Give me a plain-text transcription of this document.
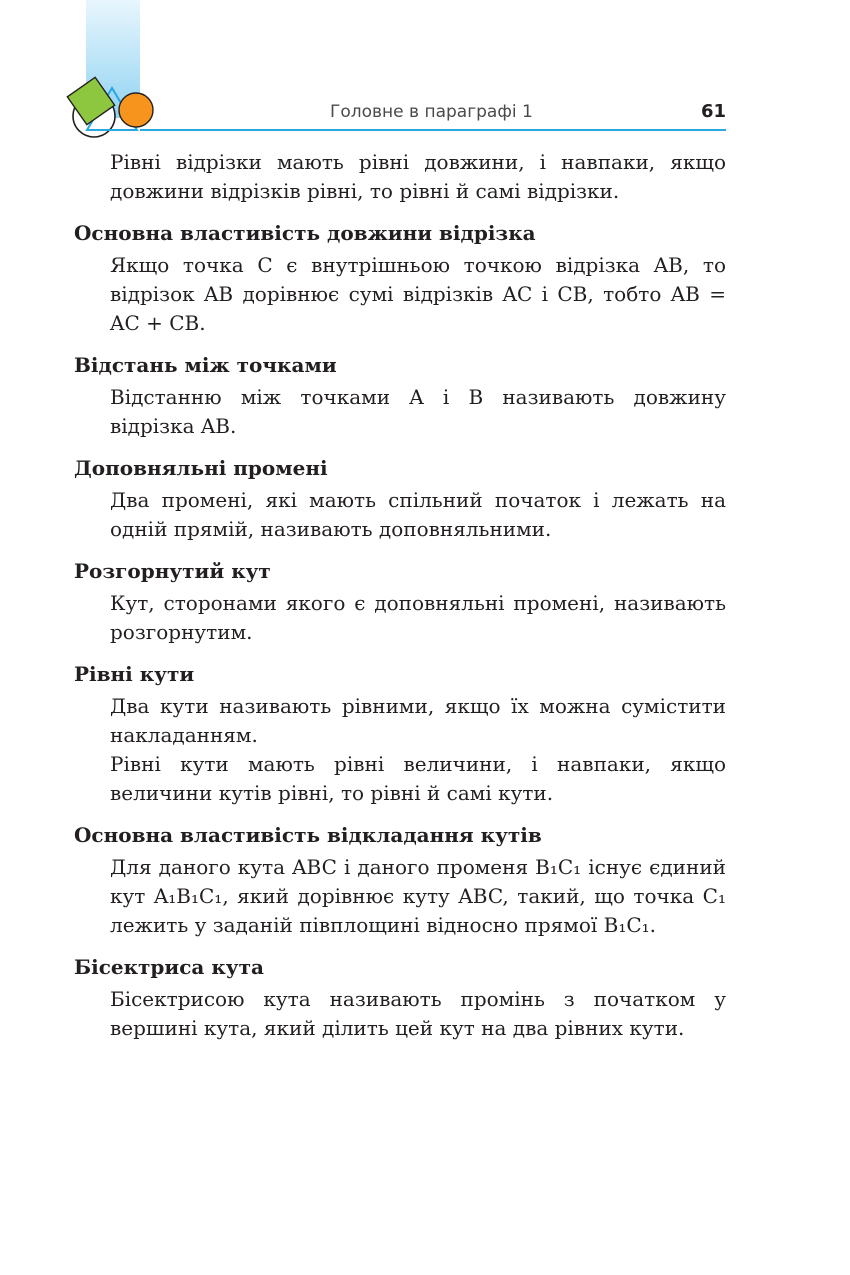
Головне в параграфі 1	61

Рівні відрізки мають рівні довжини, і навпаки, якщо довжини відрізків рівні, то рівні й самі відрізки.

Основна властивість довжини відрізка

Якщо точка C є внутрішньою точкою відрізка AB, то відрізок AB дорівнює сумі відрізків AC і CB, тобто AB = AC + CB.

Відстань між точками

Відстанню між точками A і B називають довжину відрізка AB.

Доповняльні промені

Два промені, які мають спільний початок і лежать на одній прямій, називають доповняльними.

Розгорнутий кут

Кут, сторонами якого є доповняльні промені, називають розгорнутим.

Рівні кути

Два кути називають рівними, якщо їх можна сумістити накладанням.

Рівні кути мають рівні величини, і навпаки, якщо величини кутів рівні, то рівні й самі кути.

Основна властивість відкладання кутів

Для даного кута ABC і даного променя B₁C₁ існує єдиний кут A₁B₁C₁, який дорівнює куту ABC, такий, що точка C₁ лежить у заданій півплощині відносно прямої B₁C₁.

Бісектриса кута

Бісектрисою кута називають промінь з початком у вершині кута, який ділить цей кут на два рівних кути.
